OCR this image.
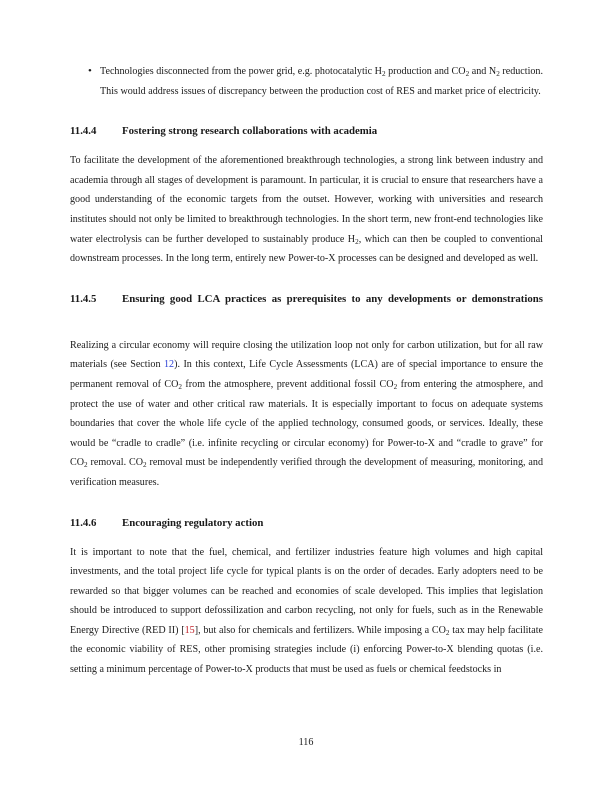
• Technologies disconnected from the power grid, e.g. photocatalytic $H_2$ production and $CO_2$ and $N_2$ reduction. This would address issues of discrepancy between the production cost of RES and market price of electricity.
11.4.4	Fostering strong research collaborations with academia

To facilitate the development of the aforementioned breakthrough technologies, a strong link between industry and academia through all stages of development is paramount. In particular, it is crucial to ensure that researchers have a good understanding of the economic targets from the outset. However, working with universities and research institutes should not only be limited to breakthrough technologies. In the short term, new front-end technologies like water electrolysis can be further developed to sustainably produce $H_2$, which can then be coupled to conventional downstream processes. In the long term, entirely new Power-to-X processes can be designed and developed as well.

11.4.5	Ensuring good LCA practices as prerequisites to any developments or demonstrations

Realizing a circular economy will require closing the utilization loop not only for carbon utilization, but for all raw materials (see Section 12). In this context, Life Cycle Assessments (LCA) are of special importance to ensure the permanent removal of $CO_2$ from the atmosphere, prevent additional fossil $CO_2$ from entering the atmosphere, and protect the use of water and other critical raw materials. It is especially important to focus on adequate systems boundaries that cover the whole life cycle of the applied technology, consumed goods, or services. Ideally, these would be “cradle to cradle” (i.e. infinite recycling or circular economy) for Power-to-X and “cradle to grave” for $CO_2$ removal. $CO_2$ removal must be independently verified through the development of measuring, monitoring, and verification measures.

11.4.6	Encouraging regulatory action

It is important to note that the fuel, chemical, and fertilizer industries feature high volumes and high capital investments, and the total project life cycle for typical plants is on the order of decades. Early adopters need to be rewarded so that bigger volumes can be reached and economies of scale developed. This implies that legislation should be introduced to support defossilization and carbon recycling, not only for fuels, such as in the Renewable Energy Directive (RED II) [15], but also for chemicals and fertilizers. While imposing a $CO_2$ tax may help facilitate the economic viability of RES, other promising strategies include (i) enforcing Power-to-X blending quotas (i.e. setting a minimum percentage of Power-to-X products that must be used as fuels or chemical feedstocks in

116
